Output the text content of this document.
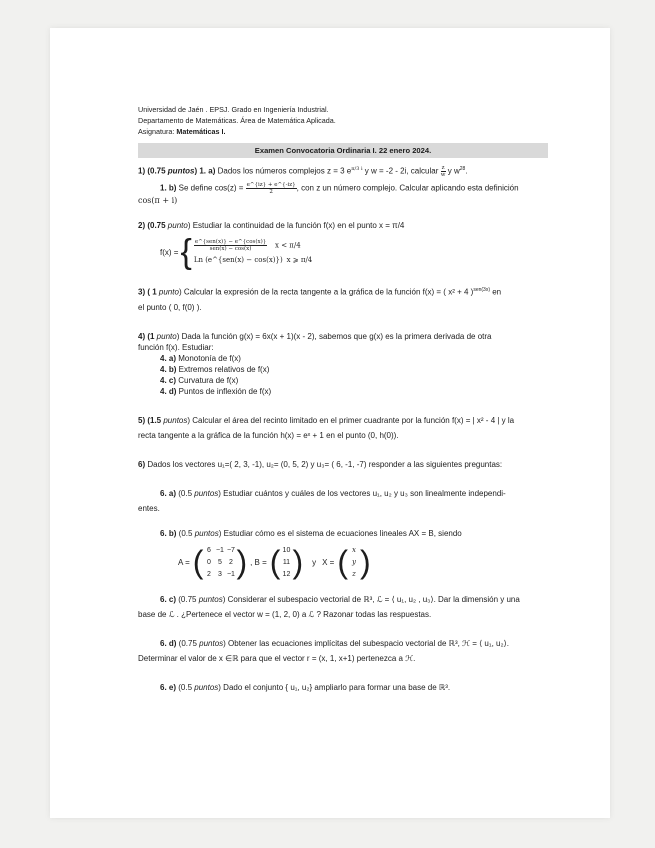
Universidad de Jaén . EPSJ. Grado en Ingeniería Industrial.
Departamento de Matemáticas. Área de Matemática Aplicada.
Asignatura: Matemáticas I.
Examen Convocatoria Ordinaria I. 22 enero 2024.

1) (0.75 puntos) 1. a) Dados los números complejos z = 3 $e^{\pi/3 i}$ y w = -2 - 2i, calcular $\frac{z}{w}$ y $w^{28}$.

1. b) Se define $\cos(z) = \frac{e\^{}\{iz\} + e\^{}\{-iz\}}{2}$ , con z un número complejo. Calcular aplicando esta definición

cos(π + i)

2) (0.75 punto) Estudiar la continuidad de la función f(x) en el punto x = π/4

f(x) = { $\frac{\text{e\textasciicircum{}\{sen(x)\} − e\textasciicircum{}\{cos(x)\}}}{\text{sen(x) − cos(x)}}$ x < π/4
Ln (e^{sen(x) − cos(x)}) x ⩾ π/4

3) ( 1 punto) Calcular la expresión de la recta tangente a la gráfica de la función f(x) = ( x² + 4 )$^{sen(3x)}$ en

el punto ( 0, f(0) ).

4) (1 punto) Dada la función g(x) = 6x(x + 1)(x - 2), sabemos que g(x) es la primera derivada de otra

función f(x). Estudiar:

4. a) Monotonía de f(x)

4. b) Extremos relativos de f(x)

4. c) Curvatura de f(x)

4. d) Puntos de inflexión de f(x)

5) (1.5 puntos) Calcular el área del recinto limitado en el primer cuadrante por la función f(x) = | x² - 4 | y la

recta tangente a la gráfica de la función h(x) = eˣ + 1 en el punto (0, h(0)).

6) Dados los vectores u₁=( 2, 3, -1), u₂= (0, 5, 2) y u₃= ( 6, -1, -7) responder a las siguientes preguntas:

6. a) (0.5 puntos) Estudiar cuántos y cuáles de los vectores u₁, u₂ y u₃ son linealmente independi-

entes.

6. b) (0.5 puntos) Estudiar cómo es el sistema de ecuaciones lineales AX = B, siendo

A = ( 6 −1 −7
0	5	2
2	3 −1 ) , B = ( 10
11
12 ) y X = ( x
y
z )

6. c) (0.75 puntos) Considerar el subespacio vectorial de ℝ³, ℒ = ⟨ u₁, u₂ , u₃⟩. Dar la dimensión y una

base de ℒ . ¿Pertenece el vector w = (1, 2, 0) a ℒ ? Razonar todas las respuestas.

6. d) (0.75 puntos) Obtener las ecuaciones implícitas del subespacio vectorial de ℝ³, ℋ = ⟨ u₁, u₂⟩.

Determinar el valor de x ∈ℝ para que el vector r = (x, 1, x+1) pertenezca a ℋ.

6. e) (0.5 puntos) Dado el conjunto { u₁, u₂} ampliarlo para formar una base de ℝ³.
